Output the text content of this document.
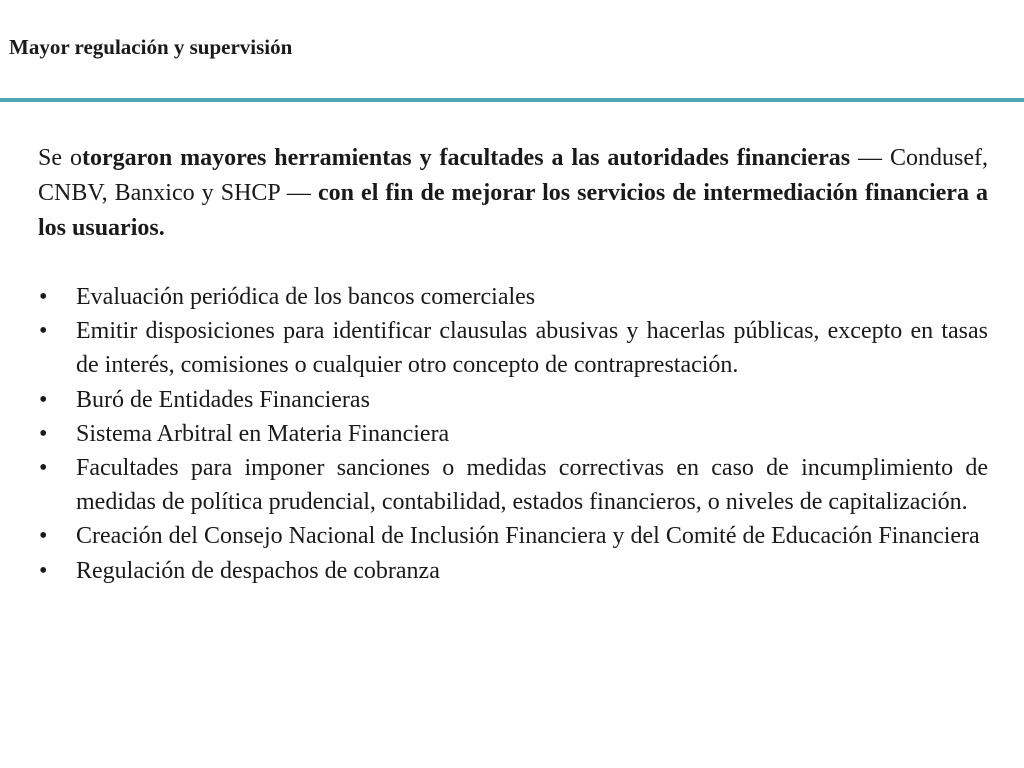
Mayor regulación y supervisión

Se otorgaron mayores herramientas y facultades a las autoridades financieras — Condusef, CNBV, Banxico y SHCP — con el fin de mejorar los servicios de intermediación financiera a los usuarios.

• Evaluación periódica de los bancos comerciales
• Emitir disposiciones para identificar clausulas abusivas y hacerlas públicas, excepto en tasas de interés, comisiones o cualquier otro concepto de contraprestación.
• Buró de Entidades Financieras
• Sistema Arbitral en Materia Financiera
• Facultades para imponer sanciones o medidas correctivas en caso de incumplimiento de medidas de política prudencial, contabilidad, estados financieros, o niveles de capitalización.
• Creación del Consejo Nacional de Inclusión Financiera y del Comité de Educación Financiera
• Regulación de despachos de cobranza
